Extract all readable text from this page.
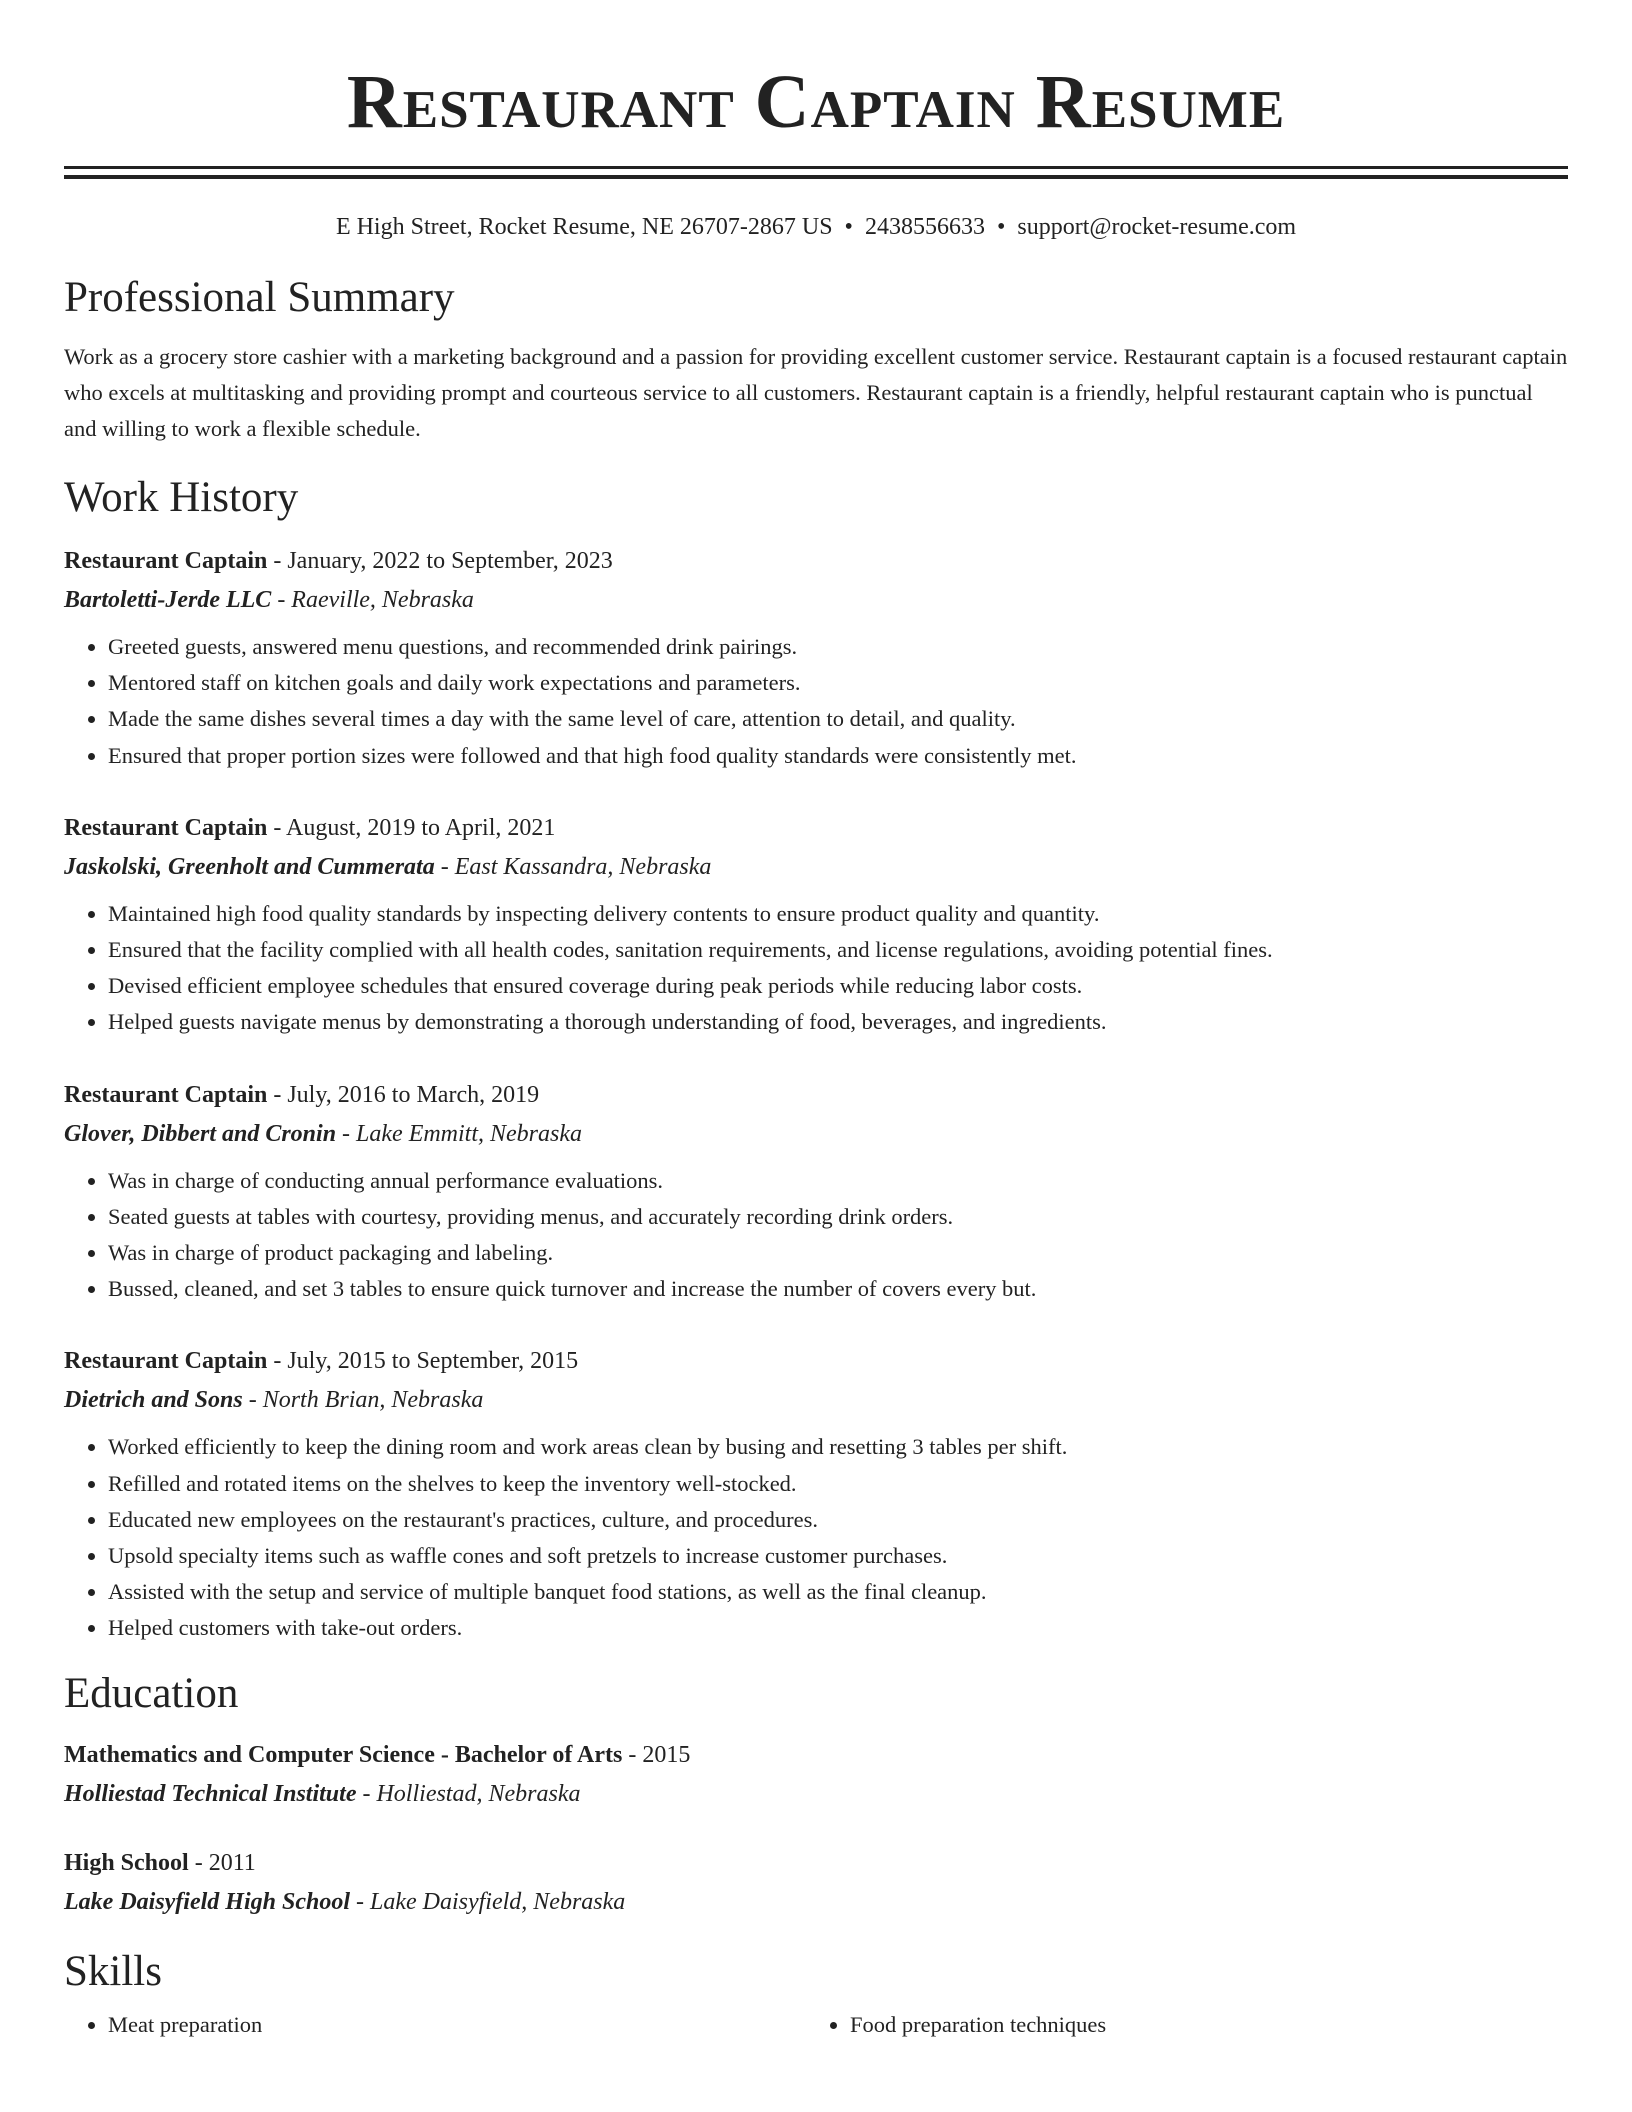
Restaurant Captain Resume
E High Street, Rocket Resume, NE 26707-2867 US • 2438556633 • support@rocket-resume.com
Professional Summary
Work as a grocery store cashier with a marketing background and a passion for providing excellent customer service. Restaurant captain is a focused restaurant captain who excels at multitasking and providing prompt and courteous service to all customers. Restaurant captain is a friendly, helpful restaurant captain who is punctual and willing to work a flexible schedule.
Work History
Restaurant Captain - January, 2022 to September, 2023
Bartoletti-Jerde LLC - Raeville, Nebraska
• Greeted guests, answered menu questions, and recommended drink pairings.
• Mentored staff on kitchen goals and daily work expectations and parameters.
• Made the same dishes several times a day with the same level of care, attention to detail, and quality.
• Ensured that proper portion sizes were followed and that high food quality standards were consistently met.
Restaurant Captain - August, 2019 to April, 2021
Jaskolski, Greenholt and Cummerata - East Kassandra, Nebraska
• Maintained high food quality standards by inspecting delivery contents to ensure product quality and quantity.
• Ensured that the facility complied with all health codes, sanitation requirements, and license regulations, avoiding potential fines.
• Devised efficient employee schedules that ensured coverage during peak periods while reducing labor costs.
• Helped guests navigate menus by demonstrating a thorough understanding of food, beverages, and ingredients.
Restaurant Captain - July, 2016 to March, 2019
Glover, Dibbert and Cronin - Lake Emmitt, Nebraska
• Was in charge of conducting annual performance evaluations.
• Seated guests at tables with courtesy, providing menus, and accurately recording drink orders.
• Was in charge of product packaging and labeling.
• Bussed, cleaned, and set 3 tables to ensure quick turnover and increase the number of covers every but.
Restaurant Captain - July, 2015 to September, 2015
Dietrich and Sons - North Brian, Nebraska
• Worked efficiently to keep the dining room and work areas clean by busing and resetting 3 tables per shift.
• Refilled and rotated items on the shelves to keep the inventory well-stocked.
• Educated new employees on the restaurant's practices, culture, and procedures.
• Upsold specialty items such as waffle cones and soft pretzels to increase customer purchases.
• Assisted with the setup and service of multiple banquet food stations, as well as the final cleanup.
• Helped customers with take-out orders.
Education
Mathematics and Computer Science - Bachelor of Arts - 2015
Holliestad Technical Institute - Holliestad, Nebraska
High School - 2011
Lake Daisyfield High School - Lake Daisyfield, Nebraska
Skills
• Meat preparation
•	Food preparation techniques
